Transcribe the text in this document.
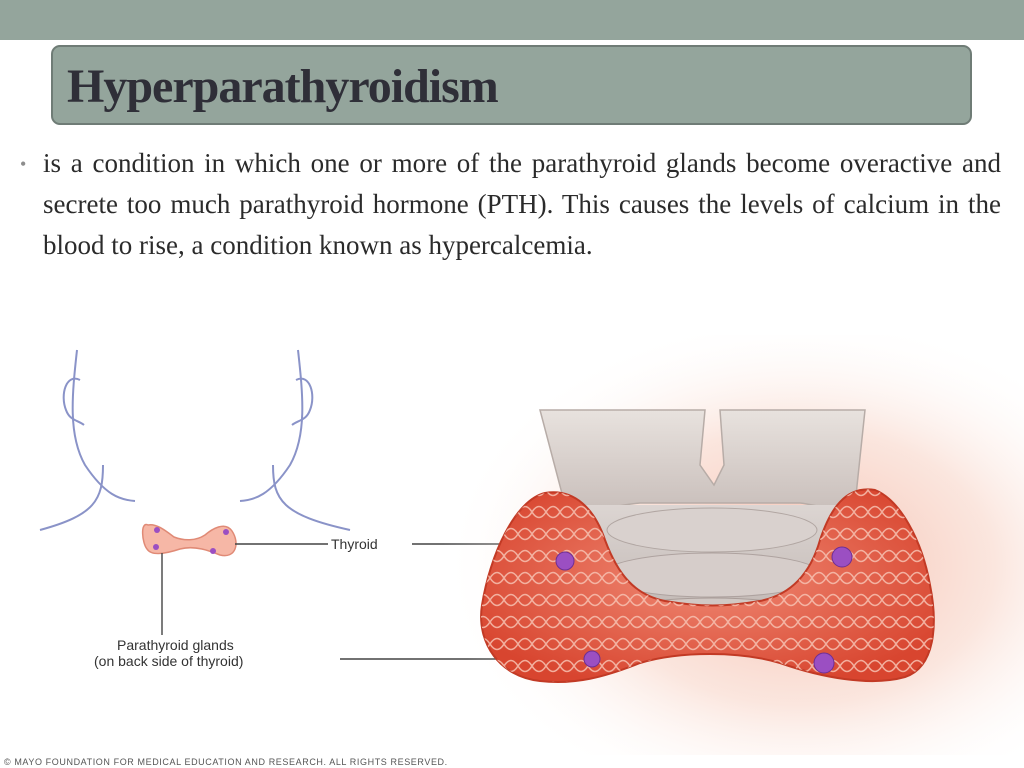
Hyperparathyroidism
• is a condition in which one or more of the parathyroid glands become overactive and secrete too much parathyroid hormone (PTH). This causes the levels of calcium in the blood to rise, a condition known as hypercalcemia.
Thyroid
Parathyroid glands
(on back side of thyroid)
© MAYO FOUNDATION FOR MEDICAL EDUCATION AND RESEARCH. ALL RIGHTS RESERVED.
